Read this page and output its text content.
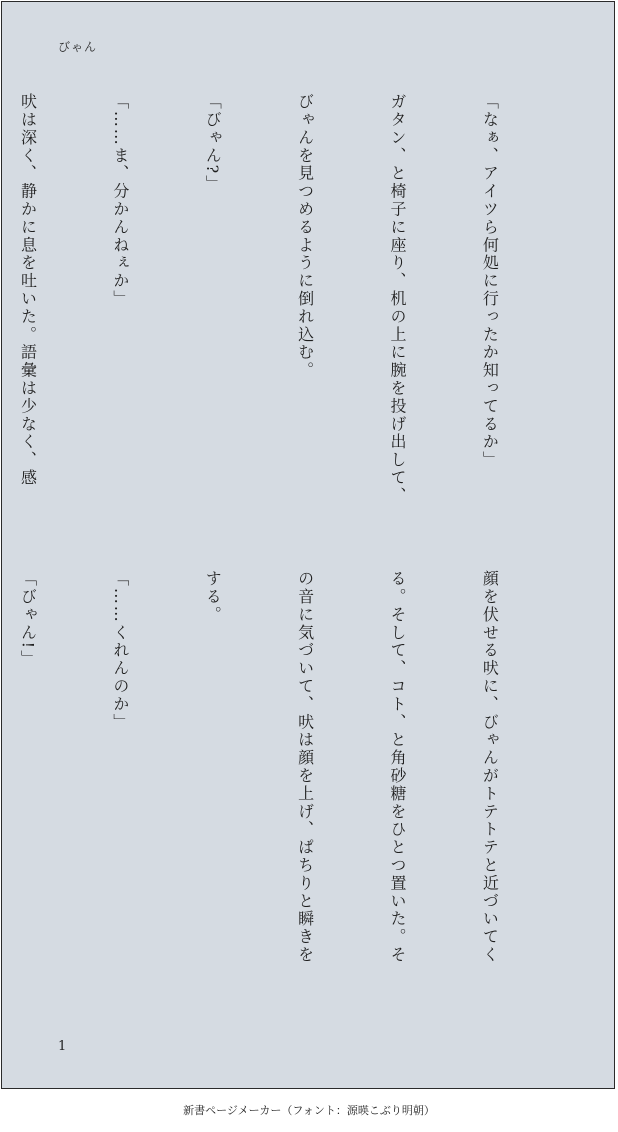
びゃん

「なぁ、アイツら何処に行ったか知ってるか」

ガタン、と椅子に座り、机の上に腕を投げ出して、

びゃんを見つめるように倒れ込む。

「びゃん?」

「……ま、分かんねぇか」

吠は深く、静かに息を吐いた。語彙は少なく、感

顔を伏せる吠に、びゃんがトテトテと近づいてく

る。そして、コト、と角砂糖をひとつ置いた。そ

の音に気づいて、吠は顔を上げ、ぱちりと瞬きを

する。

「……くれんのか」

「びゃん!」

1
新書ページメーカー（フォント：源暎こぶり明朝）
